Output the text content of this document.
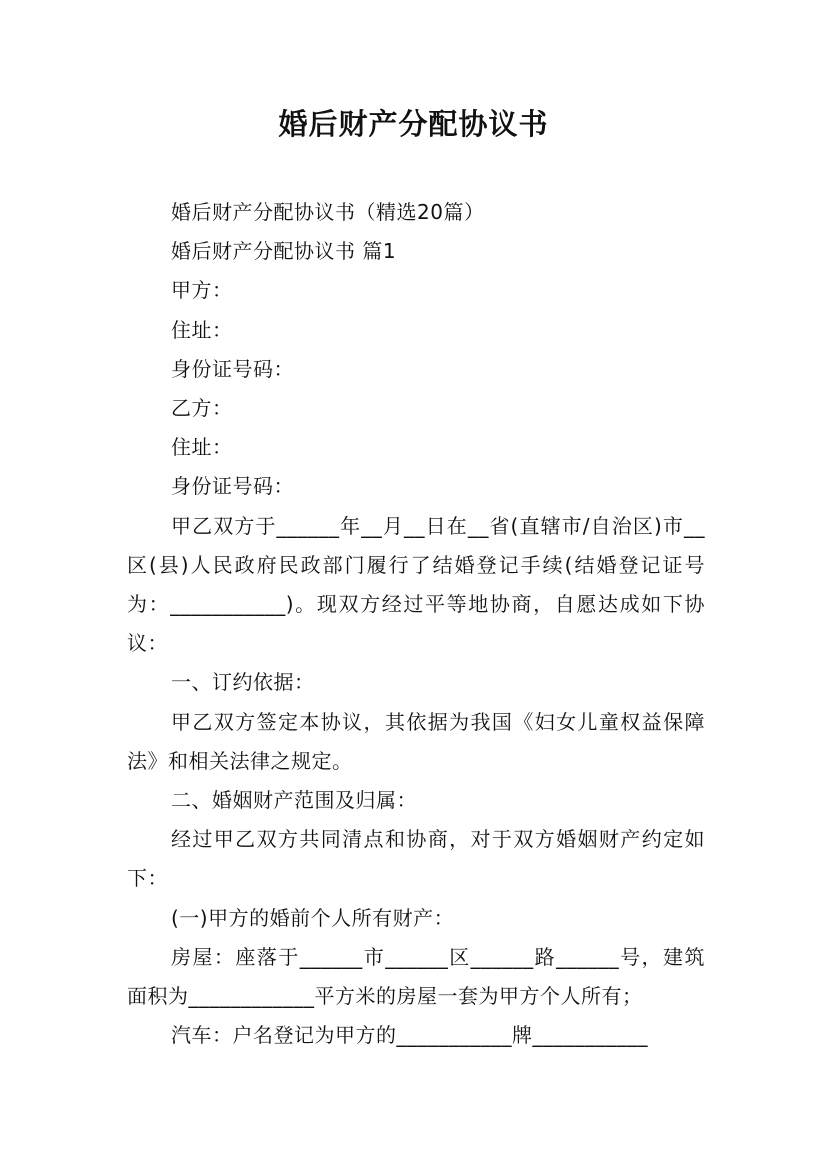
婚后财产分配协议书

婚后财产分配协议书（精选20篇）

婚后财产分配协议书 篇1

甲方：

住址：

身份证号码：

乙方：

住址：

身份证号码：

甲乙双方于______年__月__日在__省(直辖市/自治区)市__区(县)人民政府民政部门履行了结婚登记手续(结婚登记证号为：___________)。现双方经过平等地协商，自愿达成如下协议：

一、订约依据：

甲乙双方签定本协议，其依据为我国《妇女儿童权益保障法》和相关法律之规定。

二、婚姻财产范围及归属：

经过甲乙双方共同清点和协商，对于双方婚姻财产约定如下：

(一)甲方的婚前个人所有财产：

房屋：座落于______市______区______路______号，建筑面积为____________平方米的房屋一套为甲方个人所有；

汽车：户名登记为甲方的___________牌___________
